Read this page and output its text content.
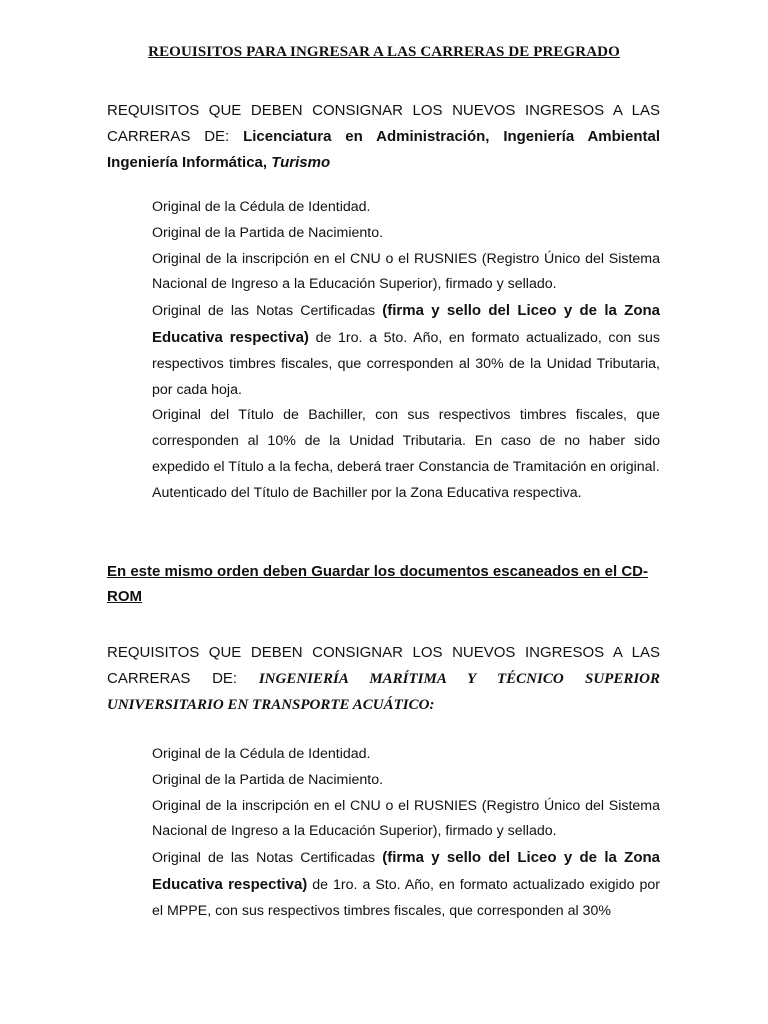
REOUISITOS PARA INGRESAR A LAS CARRERAS DE PREGRADO
REQUISITOS QUE DEBEN CONSIGNAR LOS NUEVOS INGRESOS A LAS CARRERAS DE: Licenciatura en Administración, Ingeniería Ambiental Ingeniería Informática, Turismo

Original de la Cédula de Identidad.

Original de la Partida de Nacimiento.

Original de la inscripción en el CNU o el RUSNIES (Registro Único del Sistema Nacional de Ingreso a la Educación Superior), firmado y sellado.

Original de las Notas Certificadas (firma y sello del Liceo y de la Zona Educativa respectiva) de 1ro. a 5to. Año, en formato actualizado, con sus respectivos timbres fiscales, que corresponden al 30% de la Unidad Tributaria, por cada hoja.

Original del Título de Bachiller, con sus respectivos timbres fiscales, que corresponden al 10% de la Unidad Tributaria. En caso de no haber sido expedido el Título a la fecha, deberá traer Constancia de Tramitación en original.

Autenticado del Título de Bachiller por la Zona Educativa respectiva.

En este mismo orden deben Guardar los documentos escaneados en el CD-ROM
REQUISITOS QUE DEBEN CONSIGNAR LOS NUEVOS INGRESOS A LAS CARRERAS DE: INGENIERÍA MARÍTIMA Y TÉCNICO SUPERIOR UNIVERSITARIO EN TRANSPORTE ACUÁTICO:

Original de la Cédula de Identidad.

Original de la Partida de Nacimiento.

Original de la inscripción en el CNU o el RUSNIES (Registro Único del Sistema Nacional de Ingreso a la Educación Superior), firmado y sellado.

Original de las Notas Certificadas (firma y sello del Liceo y de la Zona Educativa respectiva) de 1ro. a Sto. Año, en formato actualizado exigido por el MPPE, con sus respectivos timbres fiscales, que corresponden al 30%
